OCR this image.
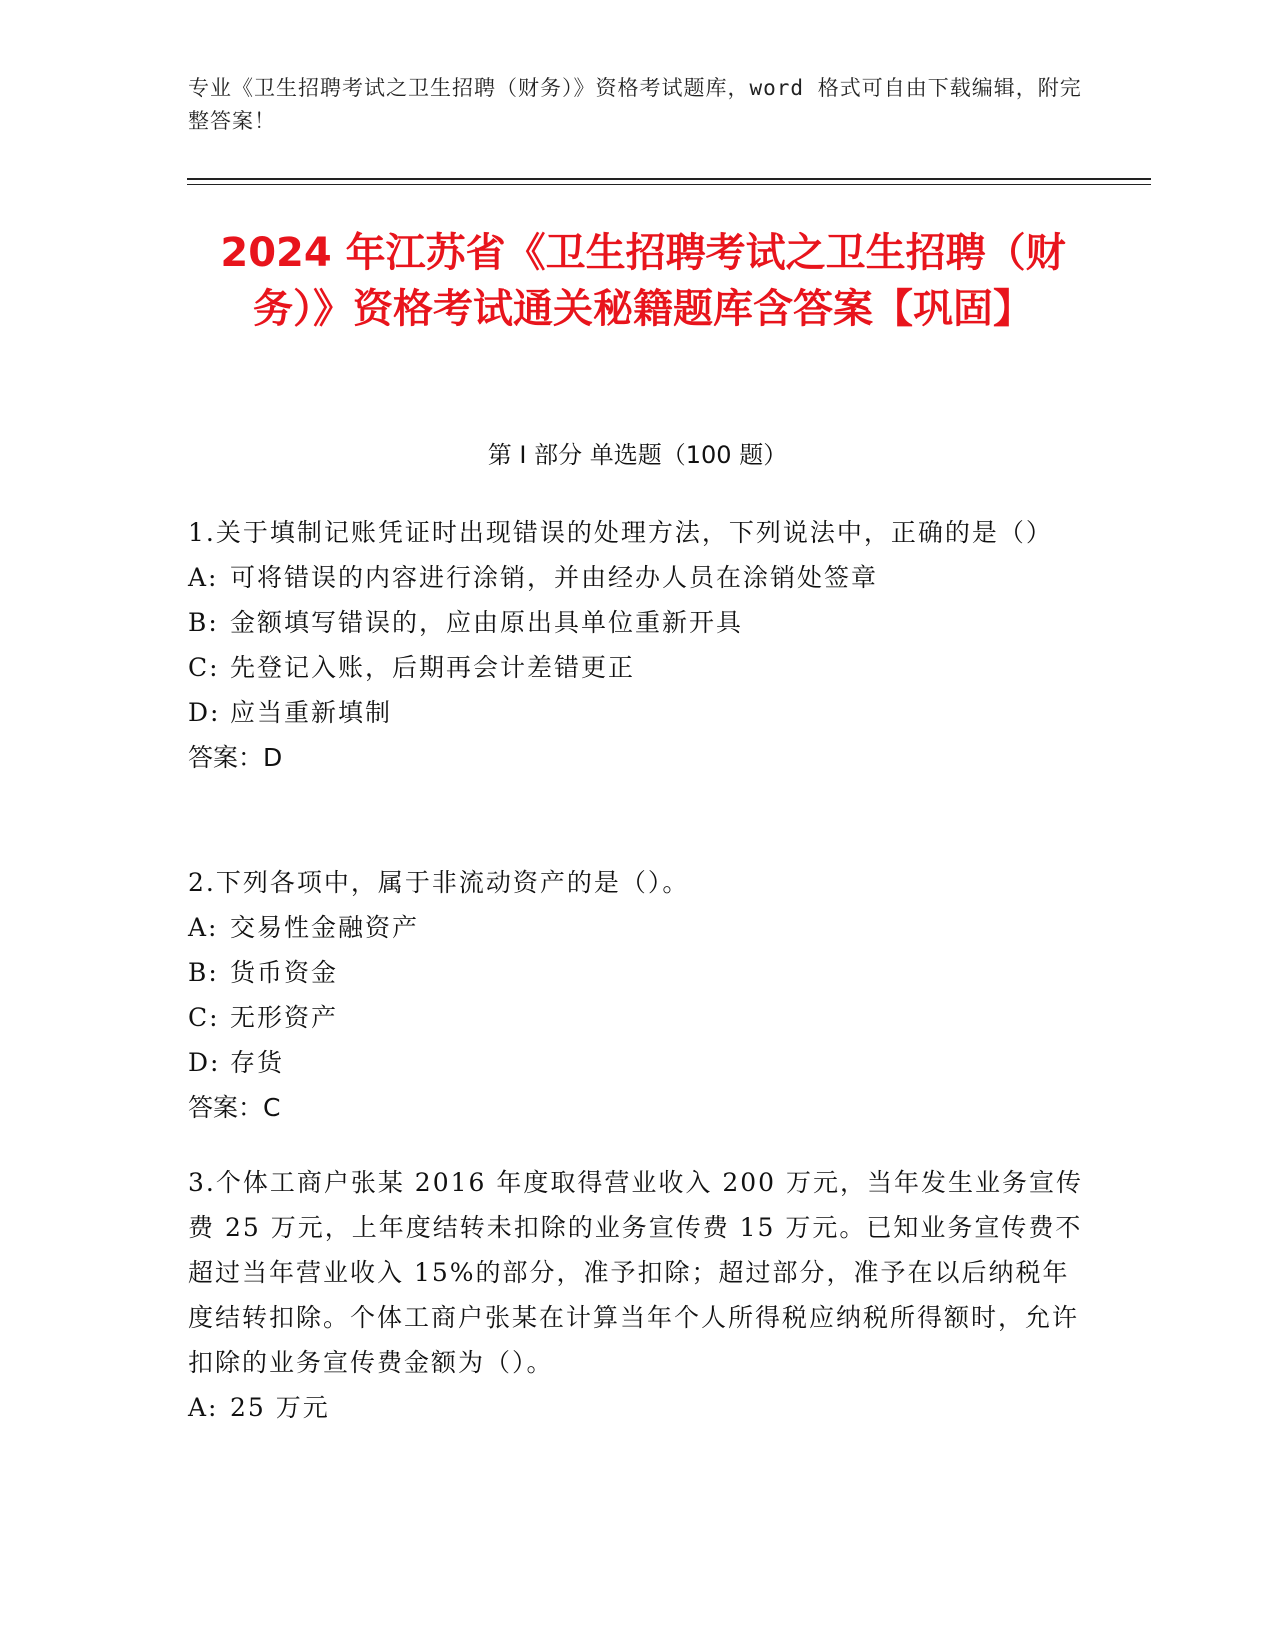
专业《卫生招聘考试之卫生招聘（财务）》资格考试题库，word 格式可自由下载编辑，附完整答案！
2024 年江苏省《卫生招聘考试之卫生招聘（财务）》资格考试通关秘籍题库含答案【巩固】
第 I 部分 单选题（100 题）

1.关于填制记账凭证时出现错误的处理方法，下列说法中，正确的是（）

A: 可将错误的内容进行涂销，并由经办人员在涂销处签章

B: 金额填写错误的，应由原出具单位重新开具

C: 先登记入账，后期再会计差错更正

D: 应当重新填制

答案：D

2.下列各项中，属于非流动资产的是（）。

A: 交易性金融资产

B: 货币资金

C: 无形资产

D: 存货

答案：C

3.个体工商户张某 2016 年度取得营业收入 200 万元，当年发生业务宣传费 25 万元，上年度结转未扣除的业务宣传费 15 万元。已知业务宣传费不超过当年营业收入 15%的部分，准予扣除；超过部分，准予在以后纳税年度结转扣除。个体工商户张某在计算当年个人所得税应纳税所得额时，允许扣除的业务宣传费金额为（）。

A: 25 万元
